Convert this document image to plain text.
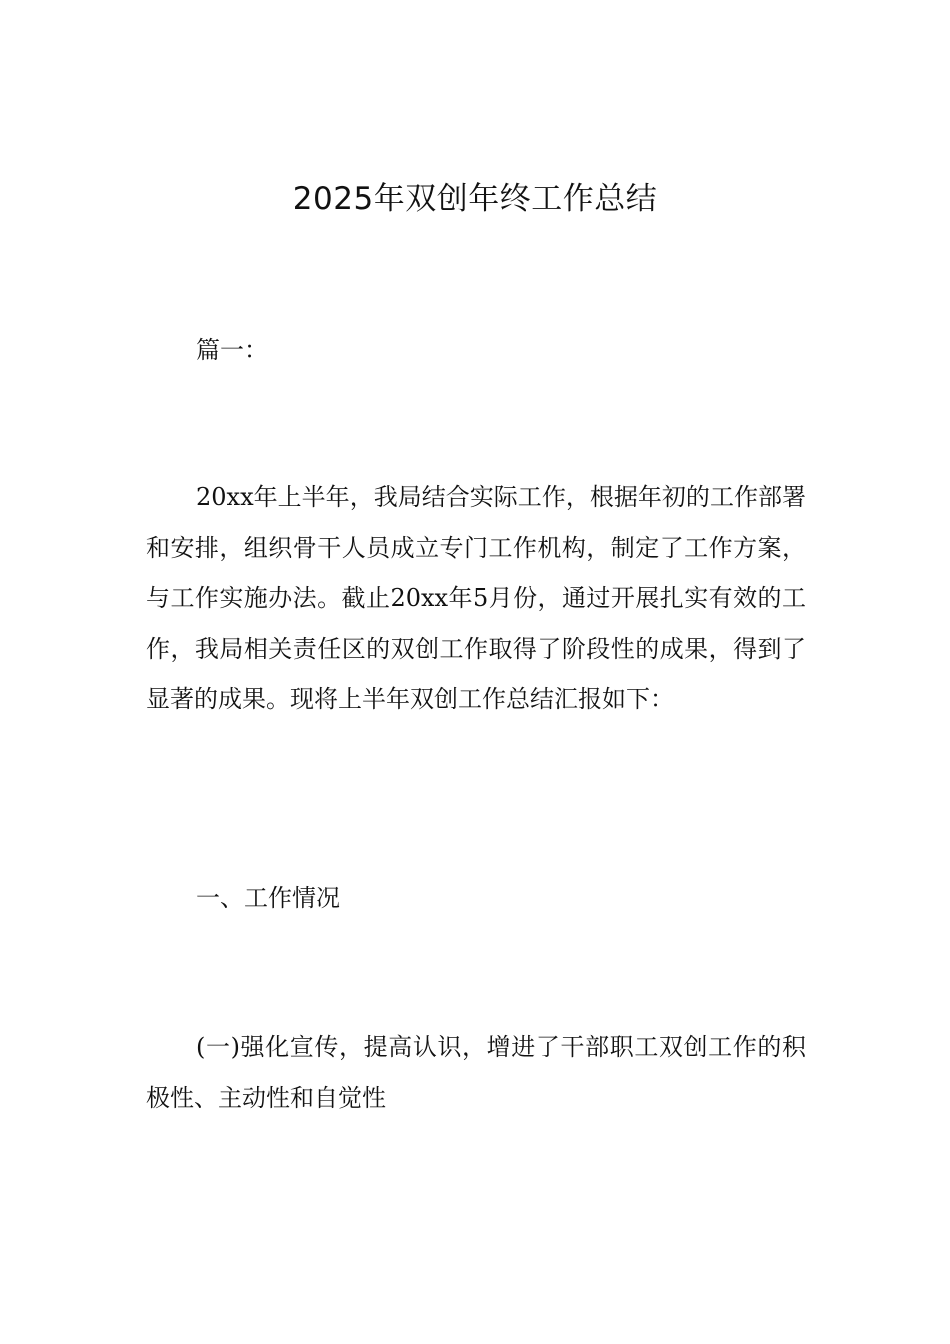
2025年双创年终工作总结

篇一：

20xx年上半年，我局结合实际工作，根据年初的工作部署和安排，组织骨干人员成立专门工作机构，制定了工作方案，与工作实施办法。截止20xx年5月份，通过开展扎实有效的工作，我局相关责任区的双创工作取得了阶段性的成果，得到了显著的成果。现将上半年双创工作总结汇报如下：

一、工作情况

(一)强化宣传，提高认识，增进了干部职工双创工作的积极性、主动性和自觉性
